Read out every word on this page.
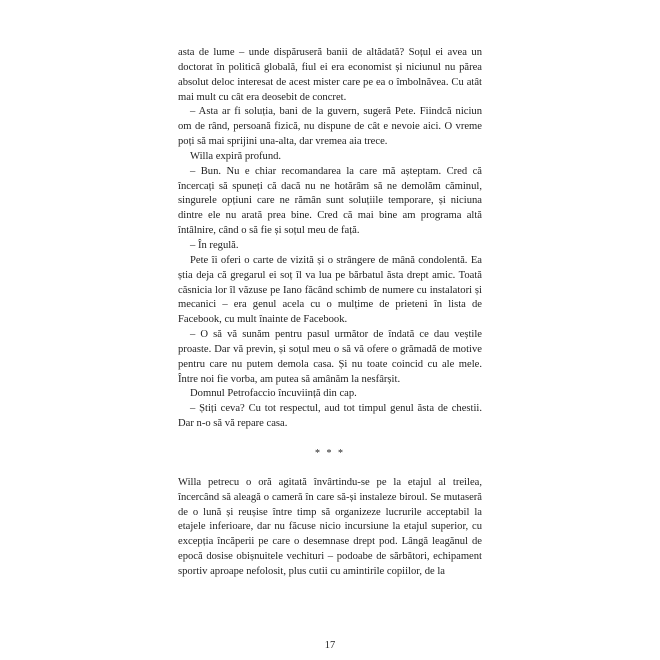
asta de lume – unde dispăruseră banii de altădată? Soțul ei avea un doctorat în politică globală, fiul ei era economist și niciunul nu părea absolut deloc interesat de acest mister care pe ea o îmbolnăvea. Cu atât mai mult cu cât era deosebit de concret.

– Asta ar fi soluția, bani de la guvern, sugeră Pete. Fiindcă niciun om de rând, persoană fizică, nu dispune de cât e nevoie aici. O vreme poți să mai sprijini una-alta, dar vremea aia trece.

Willa expiră profund.

– Bun. Nu e chiar recomandarea la care mă așteptam. Cred că încercați să spuneți că dacă nu ne hotărâm să ne demolăm căminul, singurele opțiuni care ne rămân sunt soluțiile temporare, și niciuna dintre ele nu arată prea bine. Cred că mai bine am programa altă întâlnire, când o să fie și soțul meu de față.

– În regulă.

Pete îi oferi o carte de vizită și o strângere de mână condolentă. Ea știa deja că gregarul ei soț îl va lua pe bărbatul ăsta drept amic. Toată căsnicia lor îl văzuse pe Iano făcând schimb de numere cu instalatori și mecanici – era genul acela cu o mulțime de prieteni în lista de Facebook, cu mult înainte de Facebook.

– O să vă sunăm pentru pasul următor de îndată ce dau veștile proaste. Dar vă previn, și soțul meu o să vă ofere o grămadă de motive pentru care nu putem demola casa. Și nu toate coincid cu ale mele. Între noi fie vorba, am putea să amânăm la nesfârșit.

Domnul Petrofaccio încuviință din cap.

– Știți ceva? Cu tot respectul, aud tot timpul genul ăsta de chestii. Dar n-o să vă repare casa.

* * *

Willa petrecu o oră agitată învârtindu-se pe la etajul al treilea, încercând să aleagă o cameră în care să-și instaleze biroul. Se mutaseră de o lună și reușise între timp să organizeze lucrurile acceptabil la etajele inferioare, dar nu făcuse nicio incursiune la etajul superior, cu excepția încăperii pe care o desemnase drept pod. Lângă leagănul de epocă dosise obișnuitele vechituri – podoabe de sărbători, echipament sportiv aproape nefolosit, plus cutii cu amintirile copiilor, de la

17
